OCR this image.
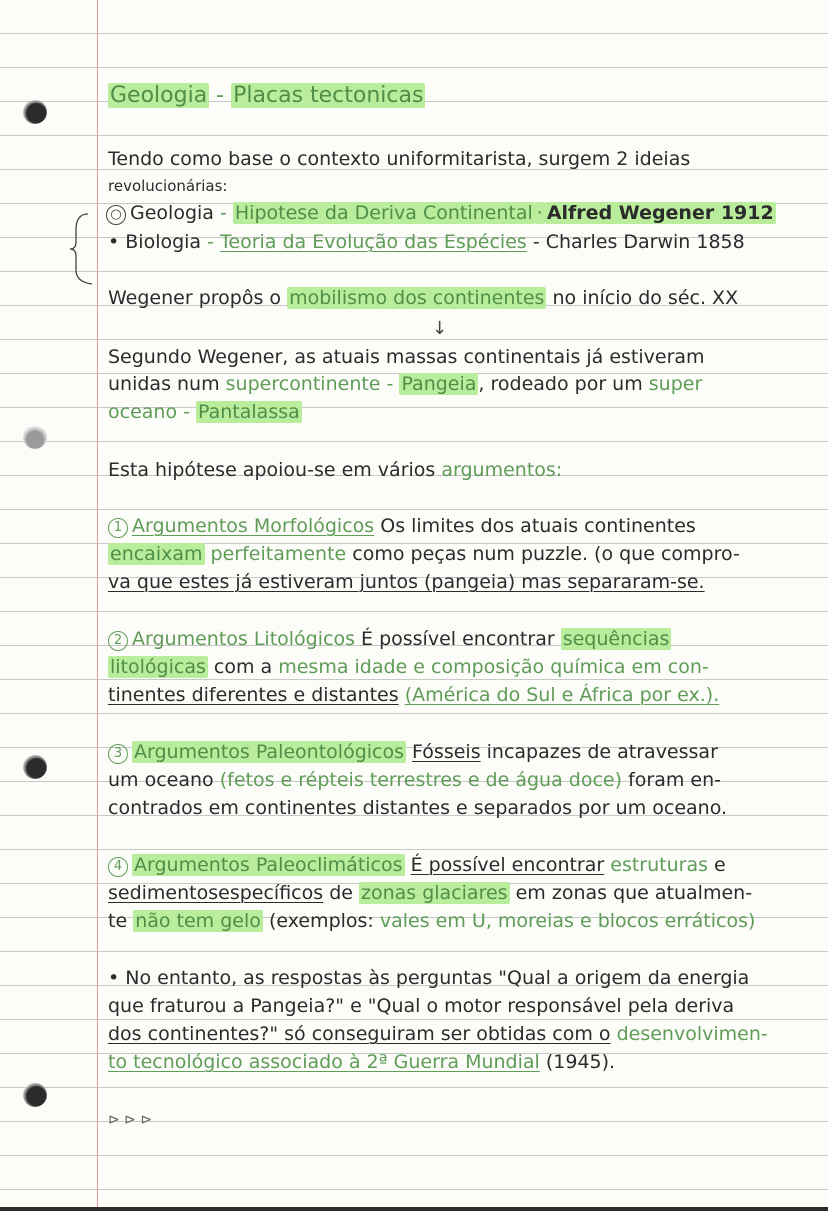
Geologia - Placas tectonicas
Tendo como base o contexto uniformitarista, surgem 2 ideias
revolucionárias:
○ Geologia - Hipotese da Deriva Continental · Alfred Wegener 1912
• Biologia - Teoria da Evolução das Espécies - Charles Darwin 1858
Wegener propôs o mobilismo dos continentes no início do séc. XX
↓
Segundo Wegener, as atuais massas continentais já estiveram
unidas num supercontinente - Pangeia , rodeado por um super
oceano - Pantalassa
Esta hipótese apoiou-se em vários argumentos:
1 Argumentos Morfológicos Os limites dos atuais continentes
encaixam perfeitamente como peças num puzzle. (o que compro-
va que estes já estiveram juntos (pangeia) mas separaram-se.
2 Argumentos Litológicos É possível encontrar sequências
litológicas com a mesma idade e composição química em con-
tinentes diferentes e distantes (América do Sul e África por ex.).
3 Argumentos Paleontológicos Fósseis incapazes de atravessar
um oceano (fetos e répteis terrestres e de água doce) foram en-
contrados em continentes distantes e separados por um oceano.
4 Argumentos Paleoclimáticos É possível encontrar estruturas e
sedimentosespecíficos de zonas glaciares em zonas que atualmen-
te não tem gelo (exemplos: vales em U, moreias e blocos erráticos)
• No entanto, as respostas às perguntas "Qual a origem da energia
que fraturou a Pangeia?" e "Qual o motor responsável pela deriva
dos continentes?" só conseguiram ser obtidas com o desenvolvimen-
to tecnológico associado à 2ª Guerra Mundial (1945).
⊳ ⊳ ⊳
